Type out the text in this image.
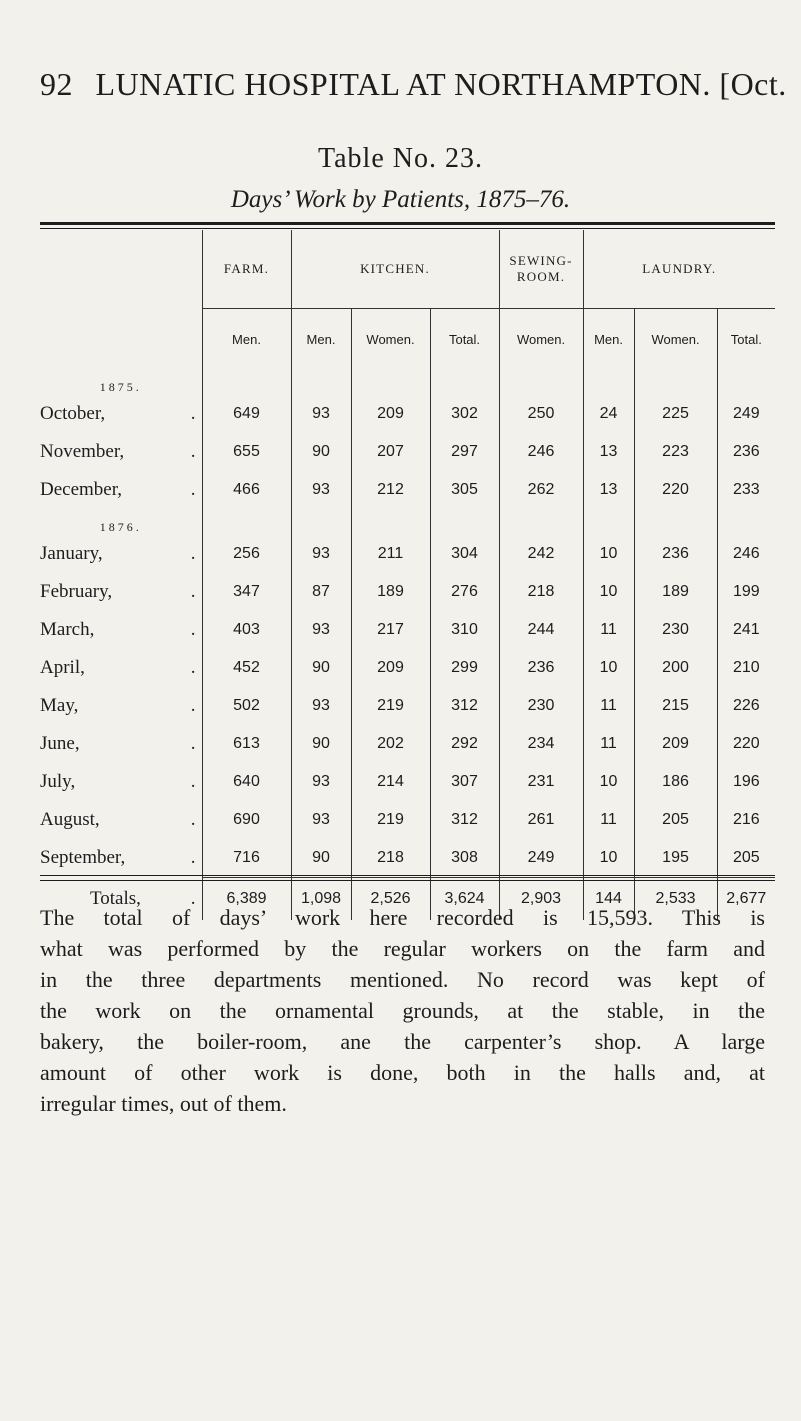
92 LUNATIC HOSPITAL AT NORTHAMPTON. [Oct.
Table No. 23.
Days’ Work by Patients, 1875–76.
	FARM.	KITCHEN.			SEWING-ROOM.	LAUNDRY.		
	Men.	Men.	Women.	Total.	Women.	Men.	Women.	Total.
1875.								
October, .	649	93	209	302	250	24	225	249
November, .	655	90	207	297	246	13	223	236
December, .	466	93	212	305	262	13	220	233
1876.								
January, .	256	93	211	304	242	10	236	246
February, .	347	87	189	276	218	10	189	199
March, .	403	93	217	310	244	11	230	241
April, .	452	90	209	299	236	10	200	210
May, .	502	93	219	312	230	11	215	226
June, .	613	90	202	292	234	11	209	220
July, .	640	93	214	307	231	10	186	196
August, .	690	93	219	312	261	11	205	216
September, .	716	90	218	308	249	10	195	205
Totals, .	6,389	1,098	2,526	3,624	2,903	144	2,533	2,677
The total of days’ work here recorded is 15,593. This is
what was performed by the regular workers on the farm and
in the three departments mentioned. No record was kept of
the work on the ornamental grounds, at the stable, in the
bakery, the boiler-room, ane the carpenter’s shop. A large
amount of other work is done, both in the halls and, at
irregular times, out of them.
